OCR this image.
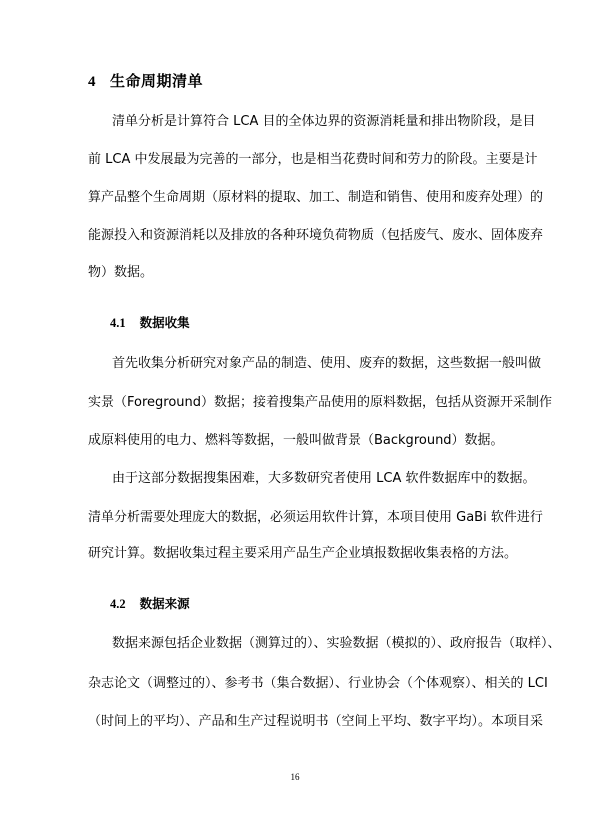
4 生命周期清单
清单分析是计算符合 LCA 目的全体边界的资源消耗量和排出物阶段，是目
前 LCA 中发展最为完善的一部分，也是相当花费时间和劳力的阶段。主要是计
算产品整个生命周期（原材料的提取、加工、制造和销售、使用和废弃处理）的
能源投入和资源消耗以及排放的各种环境负荷物质（包括废气、废水、固体废弃
物）数据。
4.1 数据收集
首先收集分析研究对象产品的制造、使用、废弃的数据，这些数据一般叫做
实景（Foreground）数据；接着搜集产品使用的原料数据，包括从资源开采制作
成原料使用的电力、燃料等数据，一般叫做背景（Background）数据。
由于这部分数据搜集困难，大多数研究者使用 LCA 软件数据库中的数据。
清单分析需要处理庞大的数据，必须运用软件计算，本项目使用 GaBi 软件进行
研究计算。数据收集过程主要采用产品生产企业填报数据收集表格的方法。
4.2 数据来源
数据来源包括企业数据（测算过的）、实验数据（模拟的）、政府报告（取样）、
杂志论文（调整过的）、参考书（集合数据）、行业协会（个体观察）、相关的 LCI
（时间上的平均）、产品和生产过程说明书（空间上平均、数字平均）。本项目采
16
